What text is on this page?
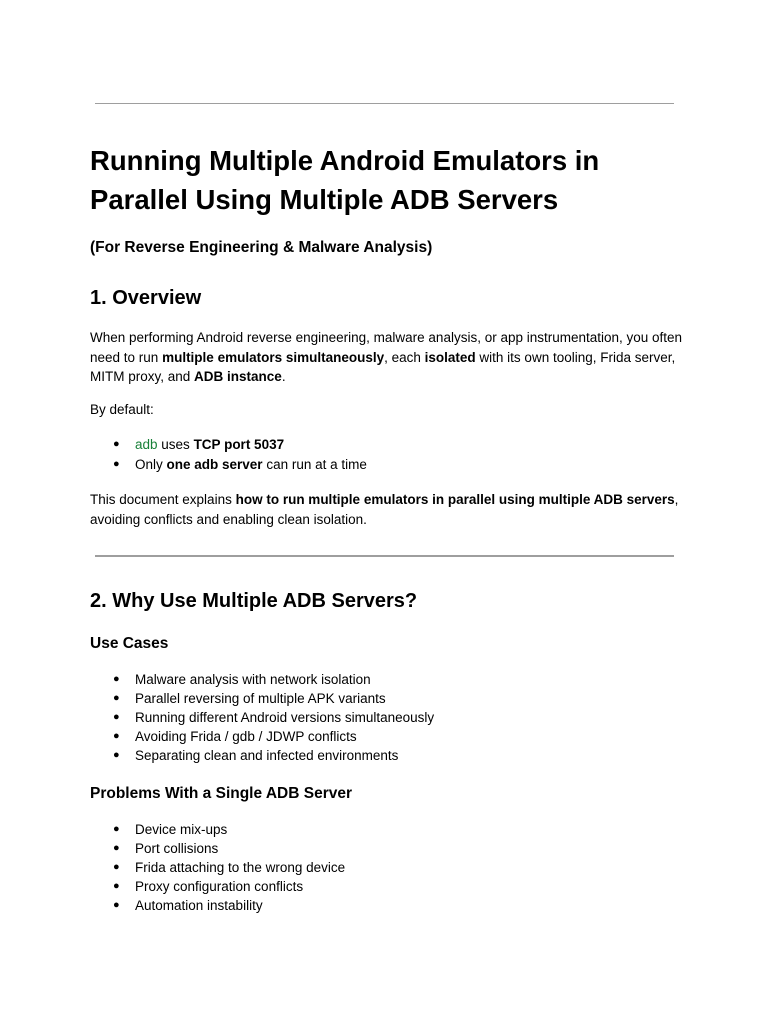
Running Multiple Android Emulators in Parallel Using Multiple ADB Servers

(For Reverse Engineering & Malware Analysis)

1. Overview

When performing Android reverse engineering, malware analysis, or app instrumentation, you often need to run multiple emulators simultaneously, each isolated with its own tooling, Frida server, MITM proxy, and ADB instance.

By default:

● adb uses TCP port 5037
● Only one adb server can run at a time

This document explains how to run multiple emulators in parallel using multiple ADB servers, avoiding conflicts and enabling clean isolation.

2. Why Use Multiple ADB Servers?
Use Cases
● Malware analysis with network isolation
● Parallel reversing of multiple APK variants
● Running different Android versions simultaneously
● Avoiding Frida / gdb / JDWP conflicts
● Separating clean and infected environments
Problems With a Single ADB Server
● Device mix-ups
● Port collisions
● Frida attaching to the wrong device
● Proxy configuration conflicts
● Automation instability
